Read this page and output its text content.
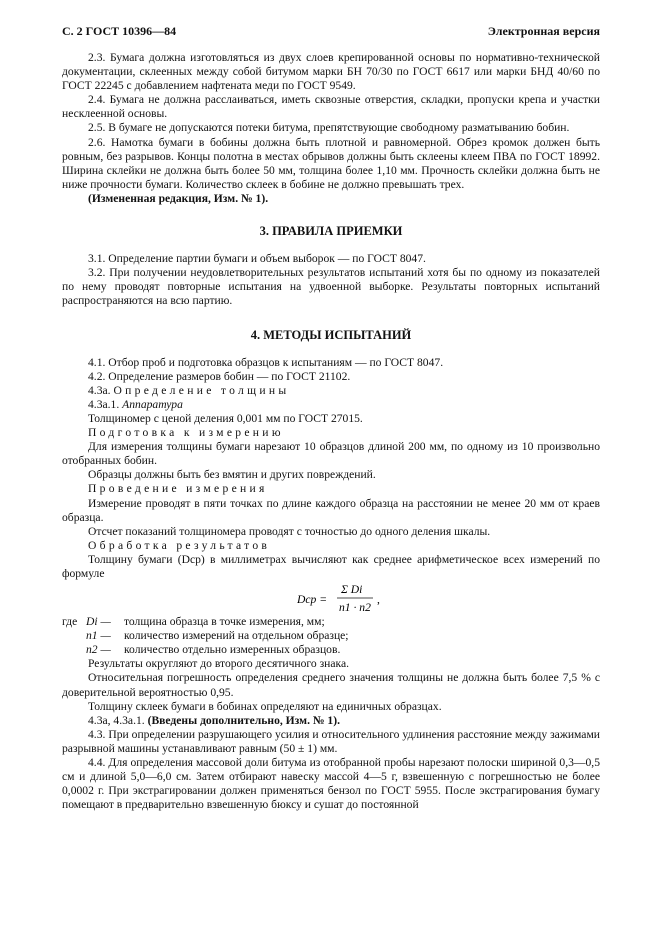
С. 2 ГОСТ 10396—84	Электронная версия

2.3. Бумага должна изготовляться из двух слоев крепированной основы по нормативно-технической документации, склеенных между собой битумом марки БН 70/30 по ГОСТ 6617 или марки БНД 40/60 по ГОСТ 22245 с добавлением нафтената меди по ГОСТ 9549.

2.4. Бумага не должна расслаиваться, иметь сквозные отверстия, складки, пропуски крепа и участки несклеенной основы.

2.5. В бумаге не допускаются потеки битума, препятствующие свободному разматыванию бобин.

2.6. Намотка бумаги в бобины должна быть плотной и равномерной. Обрез кромок должен быть ровным, без разрывов. Концы полотна в местах обрывов должны быть склеены клеем ПВА по ГОСТ 18992. Ширина склейки не должна быть более 50 мм, толщина более 1,10 мм. Прочность склейки должна быть не ниже прочности бумаги. Количество склеек в бобине не должно превышать трех.

(Измененная редакция, Изм. № 1).

3. ПРАВИЛА ПРИЕМКИ

3.1. Определение партии бумаги и объем выборок — по ГОСТ 8047.

3.2. При получении неудовлетворительных результатов испытаний хотя бы по одному из показателей по нему проводят повторные испытания на удвоенной выборке. Результаты повторных испытаний распространяются на всю партию.

4. МЕТОДЫ ИСПЫТАНИЙ

4.1. Отбор проб и подготовка образцов к испытаниям — по ГОСТ 8047.

4.2. Определение размеров бобин — по ГОСТ 21102.

4.3а. Определение толщины

4.3а.1. Аппаратура

Толщиномер с ценой деления 0,001 мм по ГОСТ 27015.

Подготовка к измерению

Для измерения толщины бумаги нарезают 10 образцов длиной 200 мм, по одному из 10 произвольно отобранных бобин.

Образцы должны быть без вмятин и других повреждений.

Проведение измерения

Измерение проводят в пяти точках по длине каждого образца на расстоянии не менее 20 мм от краев образца.

Отсчет показаний толщиномера проводят с точностью до одного деления шкалы.

Обработка результатов

Толщину бумаги (Dср) в миллиметрах вычисляют как среднее арифметическое всех измерений по формуле

Dср =
Σ Di
n1 · n2
,
где Di —	толщина образца в точке измерения, мм;
n1 —	количество измерений на отдельном образце;
n2 —	количество отдельно измеренных образцов.

Результаты округляют до второго десятичного знака.

Относительная погрешность определения среднего значения толщины не должна быть более 7,5 % с доверительной вероятностью 0,95.

Толщину склеек бумаги в бобинах определяют на единичных образцах.

4.3а, 4.3а.1. (Введены дополнительно, Изм. № 1).

4.3. При определении разрушающего усилия и относительного удлинения расстояние между зажимами разрывной машины устанавливают равным (50 ± 1) мм.

4.4. Для определения массовой доли битума из отобранной пробы нарезают полоски шириной 0,3—0,5 см и длиной 5,0—6,0 см. Затем отбирают навеску массой 4—5 г, взвешенную с погрешностью не более 0,0002 г. При экстрагировании должен применяться бензол по ГОСТ 5955. После экстрагирования бумагу помещают в предварительно взвешенную бюксу и сушат до постоянной
